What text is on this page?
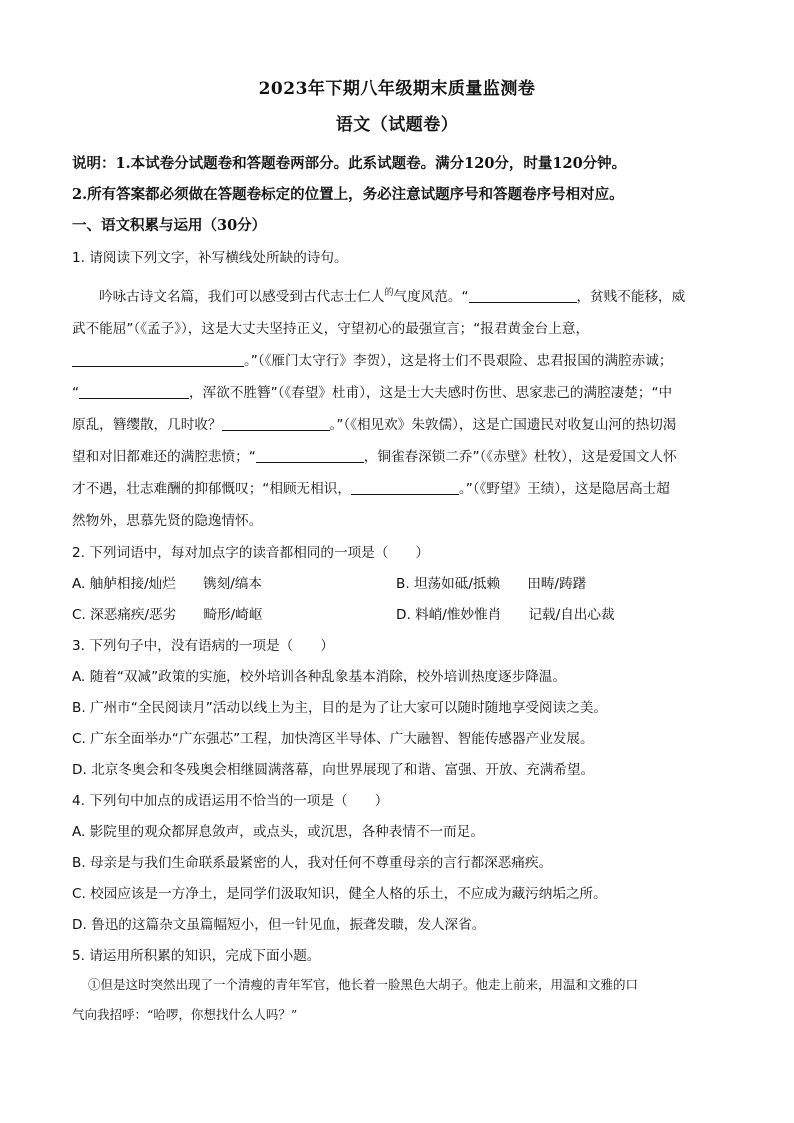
2023年下期八年级期末质量监测卷
语文（试题卷）
说明：1.本试卷分试题卷和答题卷两部分。此系试题卷。满分120分，时量120分钟。
2.所有答案都必须做在答题卷标定的位置上，务必注意试题序号和答题卷序号相对应。
一、语文积累与运用（30分）
1. 请阅读下列文字，补写横线处所缺的诗句。
吟咏古诗文名篇，我们可以感受到古代志士仁人$^的$气度风范。“	，贫贱不能移，威
武不能屈”（《孟子》），这是大丈夫坚持正义，守望初心的最强宣言；“报君黄金台上意，
。”（《雁门太守行》李贺），这是将士们不畏艰险、忠君报国的满腔赤诚；
“	，浑欲不胜簪”（《春望》杜甫），这是士大夫感时伤世、思家悲己的满腔凄楚；“中
原乱，簪缨散，几时收？	。”（《相见欢》朱敦儒），这是亡国遗民对收复山河的热切渴
望和对旧都难还的满腔悲愤；“	，铜雀春深锁二乔”（《赤壁》杜牧），这是爱国文人怀
才不遇，壮志难酬的抑郁慨叹；“相顾无相识，	。”（《野望》王绩），这是隐居高士超
然物外，思慕先贤的隐逸情怀。
2. 下列词语中，每对加点字的读音都相同的一项是（　　）
A. 舳舻相接/灿烂　　镌刻/缟本	B. 坦荡如砥/抵赖　　田畴/踌躇
C. 深恶痛疾/恶劣　　畸形/崎岖	D. 料峭/惟妙惟肖　　记载/自出心裁
3. 下列句子中，没有语病的一项是（　　）
A. 随着“双减”政策的实施，校外培训各种乱象基本消除，校外培训热度逐步降温。
B. 广州市“全民阅读月”活动以线上为主，目的是为了让大家可以随时随地享受阅读之美。
C. 广东全面举办“广东强芯”工程，加快湾区半导体、广大融智、智能传感器产业发展。
D. 北京冬奥会和冬残奥会相继圆满落幕，向世界展现了和谐、富强、开放、充满希望。
4. 下列句中加点的成语运用不恰当的一项是（　　）
A. 影院里的观众都屏息敛声，或点头，或沉思，各种表情不一而足。
B. 母亲是与我们生命联系最紧密的人，我对任何不尊重母亲的言行都深恶痛疾。
C. 校园应该是一方净土，是同学们汲取知识，健全人格的乐土，不应成为藏污纳垢之所。
D. 鲁迅的这篇杂文虽篇幅短小，但一针见血，振聋发聩，发人深省。
5. 请运用所积累的知识，完成下面小题。
①但是这时突然出现了一个清瘦的青年军官，他长着一脸黑色大胡子。他走上前来，用温和文雅的口
气向我招呼：“哈啰，你想找什么人吗？”
